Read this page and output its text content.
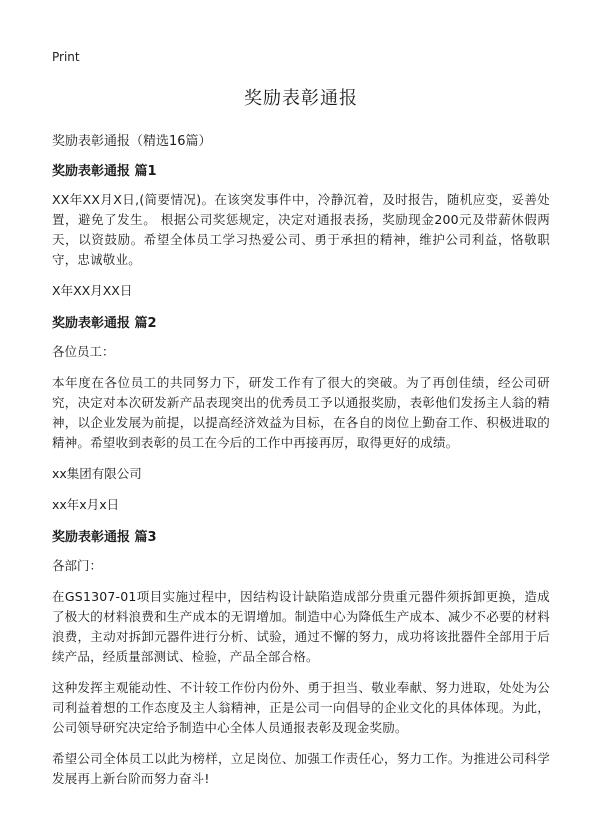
Print
奖励表彰通报
奖励表彰通报（精选16篇）
奖励表彰通报 篇1

XX年XX月X日,(简要情况)。在该突发事件中，冷静沉着，及时报告，随机应变，妥善处置，避免了发生。 根据公司奖惩规定，决定对通报表扬，奖励现金200元及带薪休假两天，以资鼓励。希望全体员工学习热爱公司、勇于承担的精神，维护公司利益，恪敬职守，忠诚敬业。

X年XX月XX日

奖励表彰通报 篇2

各位员工：

本年度在各位员工的共同努力下，研发工作有了很大的突破。为了再创佳绩，经公司研究，决定对本次研发新产品表现突出的优秀员工予以通报奖励，表彰他们发扬主人翁的精神，以企业发展为前提，以提高经济效益为目标，在各自的岗位上勤奋工作、积极进取的精神。希望收到表彰的员工在今后的工作中再接再厉，取得更好的成绩。

xx集团有限公司

xx年x月x日

奖励表彰通报 篇3

各部门：

在GS1307-01项目实施过程中，因结构设计缺陷造成部分贵重元器件须拆卸更换，造成了极大的材料浪费和生产成本的无谓增加。制造中心为降低生产成本、减少不必要的材料浪费，主动对拆卸元器件进行分析、试验，通过不懈的努力，成功将该批器件全部用于后续产品，经质量部测试、检验，产品全部合格。

这种发挥主观能动性、不计较工作份内份外、勇于担当、敬业奉献、努力进取，处处为公司利益着想的工作态度及主人翁精神，正是公司一向倡导的企业文化的具体体现。为此，公司领导研究决定给予制造中心全体人员通报表彰及现金奖励。

希望公司全体员工以此为榜样，立足岗位、加强工作责任心，努力工作。为推进公司科学发展再上新台阶而努力奋斗!
